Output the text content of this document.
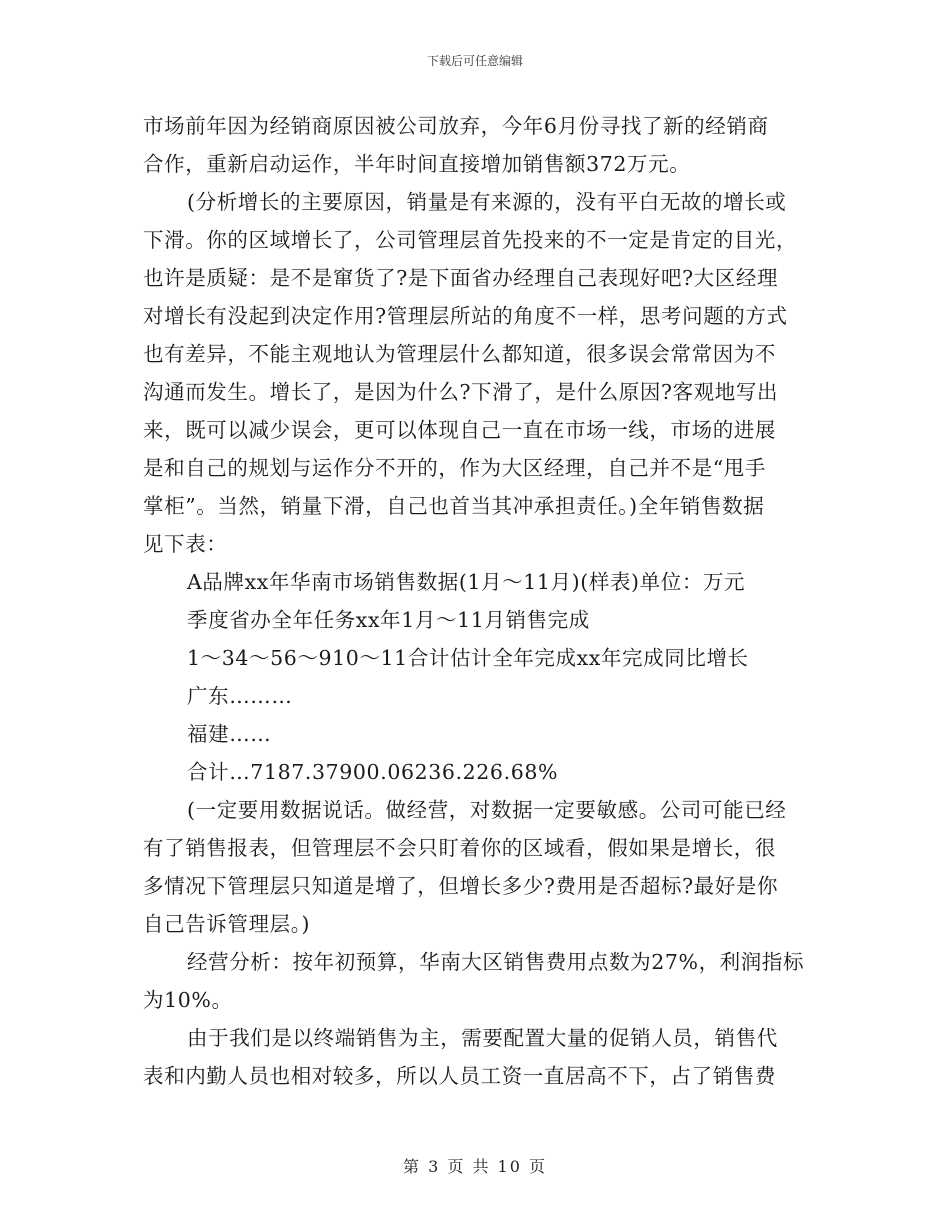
下载后可任意编辑
市场前年因为经销商原因被公司放弃，今年6月份寻找了新的经销商
合作，重新启动运作，半年时间直接增加销售额372万元。
(分析增长的主要原因，销量是有来源的，没有平白无故的增长或
下滑。你的区域增长了，公司管理层首先投来的不一定是肯定的目光，
也许是质疑：是不是窜货了?是下面省办经理自己表现好吧?大区经理
对增长有没起到决定作用?管理层所站的角度不一样，思考问题的方式
也有差异，不能主观地认为管理层什么都知道，很多误会常常因为不
沟通而发生。增长了，是因为什么?下滑了，是什么原因?客观地写出
来，既可以减少误会，更可以体现自己一直在市场一线，市场的进展
是和自己的规划与运作分不开的，作为大区经理，自己并不是“甩手
掌柜”。当然，销量下滑，自己也首当其冲承担责任。)全年销售数据
见下表：
A品牌xx年华南市场销售数据(1月～11月)(样表)单位：万元
季度省办全年任务xx年1月～11月销售完成
1～34～56～910～11合计估计全年完成xx年完成同比增长
广东………
福建……
合计…7187.37900.06236.226.68%
(一定要用数据说话。做经营，对数据一定要敏感。公司可能已经
有了销售报表，但管理层不会只盯着你的区域看，假如果是增长，很
多情况下管理层只知道是增了，但增长多少?费用是否超标?最好是你
自己告诉管理层。)
经营分析：按年初预算，华南大区销售费用点数为27%，利润指标
为10%。
由于我们是以终端销售为主，需要配置大量的促销人员，销售代
表和内勤人员也相对较多，所以人员工资一直居高不下，占了销售费
第 3 页 共 10 页
